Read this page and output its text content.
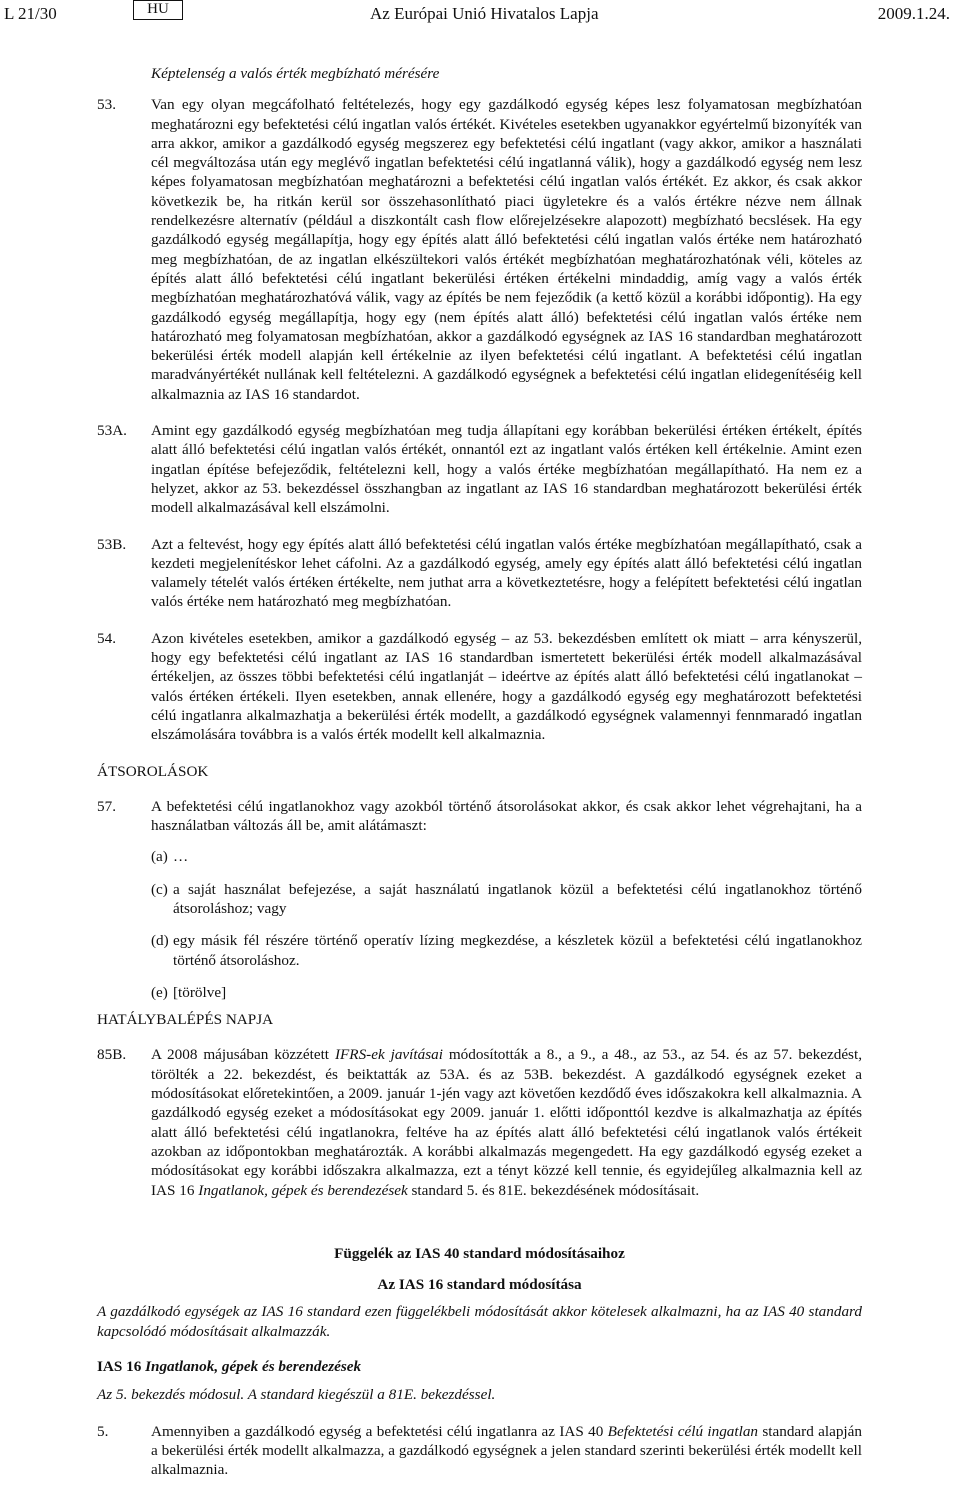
L 21/30	HU	Az Európai Unió Hivatalos Lapja	2009.1.24.
Képtelenség a valós érték megbízható mérésére
53.	Van egy olyan megcáfolható feltételezés, hogy egy gazdálkodó egység képes lesz folyamatosan megbízhatóan meghatározni egy befektetési célú ingatlan valós értékét. Kivételes esetekben ugyanakkor egyértelmű bizonyíték van arra akkor, amikor a gazdálkodó egység megszerez egy befektetési célú ingatlant (vagy akkor, amikor a használati cél megváltozása után egy meglévő ingatlan befektetési célú ingatlanná válik), hogy a gazdálkodó egység nem lesz képes folyamatosan megbízhatóan meghatározni a befektetési célú ingatlan valós értékét. Ez akkor, és csak akkor következik be, ha ritkán kerül sor összehasonlítható piaci ügyletekre és a valós értékre nézve nem állnak rendelkezésre alternatív (például a diszkontált cash flow előrejelzésekre alapozott) megbízható becslések. Ha egy gazdálkodó egység megállapítja, hogy egy építés alatt álló befektetési célú ingatlan valós értéke nem határozható meg megbízhatóan, de az ingatlan elkészültekori valós értékét megbízhatóan meghatározhatónak véli, köteles az építés alatt álló befektetési célú ingatlant bekerülési értéken értékelni mindaddig, amíg vagy a valós érték megbízhatóan meghatározhatóvá válik, vagy az építés be nem fejeződik (a kettő közül a korábbi időpontig). Ha egy gazdálkodó egység megállapítja, hogy egy (nem építés alatt álló) befektetési célú ingatlan valós értéke nem határozható meg folyamatosan megbízhatóan, akkor a gazdálkodó egységnek az IAS 16 standardban meghatározott bekerülési érték modell alapján kell értékelnie az ilyen befektetési célú ingatlant. A befektetési célú ingatlan maradványértékét nullának kell feltételezni. A gazdálkodó egységnek a befektetési célú ingatlan elidegenítéséig kell alkalmaznia az IAS 16 standardot.
53A.	Amint egy gazdálkodó egység megbízhatóan meg tudja állapítani egy korábban bekerülési értéken értékelt, építés alatt álló befektetési célú ingatlan valós értékét, onnantól ezt az ingatlant valós értéken kell értékelnie. Amint ezen ingatlan építése befejeződik, feltételezni kell, hogy a valós értéke megbízhatóan megállapítható. Ha nem ez a helyzet, akkor az 53. bekezdéssel összhangban az ingatlant az IAS 16 standardban meghatározott bekerülési érték modell alkalmazásával kell elszámolni.
53B.	Azt a feltevést, hogy egy építés alatt álló befektetési célú ingatlan valós értéke megbízhatóan megállapítható, csak a kezdeti megjelenítéskor lehet cáfolni. Az a gazdálkodó egység, amely egy építés alatt álló befektetési célú ingatlan valamely tételét valós értéken értékelte, nem juthat arra a következtetésre, hogy a felépített befektetési célú ingatlan valós értéke nem határozható meg megbízhatóan.
54.	Azon kivételes esetekben, amikor a gazdálkodó egység – az 53. bekezdésben említett ok miatt – arra kényszerül, hogy egy befektetési célú ingatlant az IAS 16 standardban ismertetett bekerülési érték modell alkalmazásával értékeljen, az összes többi befektetési célú ingatlanját – ideértve az építés alatt álló befektetési célú ingatlanokat – valós értéken értékeli. Ilyen esetekben, annak ellenére, hogy a gazdálkodó egység egy meghatározott befektetési célú ingatlanra alkalmazhatja a bekerülési érték modellt, a gazdálkodó egységnek valamennyi fennmaradó ingatlan elszámolására továbbra is a valós érték modellt kell alkalmaznia.
ÁTSOROLÁSOK
57.	A befektetési célú ingatlanokhoz vagy azokból történő átsorolásokat akkor, és csak akkor lehet végrehajtani, ha a használatban változás áll be, amit alátámaszt:
(a) …
(c) a saját használat befejezése, a saját használatú ingatlanok közül a befektetési célú ingatlanokhoz történő átsoroláshoz; vagy
(d) egy másik fél részére történő operatív lízing megkezdése, a készletek közül a befektetési célú ingatlanokhoz történő átsoroláshoz.
(e) [törölve]
HATÁLYBALÉPÉS NAPJA
85B.	A 2008 májusában közzétett IFRS-ek javításai módosították a 8., a 9., a 48., az 53., az 54. és az 57. bekezdést, törölték a 22. bekezdést, és beiktatták az 53A. és az 53B. bekezdést. A gazdálkodó egységnek ezeket a módosításokat előretekintően, a 2009. január 1-jén vagy azt követően kezdődő éves időszakokra kell alkalmaznia. A gazdálkodó egység ezeket a módosításokat egy 2009. január 1. előtti időponttól kezdve is alkalmazhatja az építés alatt álló befektetési célú ingatlanokra, feltéve ha az építés alatt álló befektetési célú ingatlanok valós értékeit azokban az időpontokban meghatározták. A korábbi alkalmazás megengedett. Ha egy gazdálkodó egység ezeket a módosításokat egy korábbi időszakra alkalmazza, ezt a tényt közzé kell tennie, és egyidejűleg alkalmaznia kell az IAS 16 Ingatlanok, gépek és berendezések standard 5. és 81E. bekezdésének módosításait.
Függelék az IAS 40 standard módosításaihoz
Az IAS 16 standard módosítása
A gazdálkodó egységek az IAS 16 standard ezen függelékbeli módosítását akkor kötelesek alkalmazni, ha az IAS 40 standard kapcsolódó módosításait alkalmazzák.
IAS 16 Ingatlanok, gépek és berendezések
Az 5. bekezdés módosul. A standard kiegészül a 81E. bekezdéssel.
5.	Amennyiben a gazdálkodó egység a befektetési célú ingatlanra az IAS 40 Befektetési célú ingatlan standard alapján a bekerülési érték modellt alkalmazza, a gazdálkodó egységnek a jelen standard szerinti bekerülési érték modellt kell alkalmaznia.
